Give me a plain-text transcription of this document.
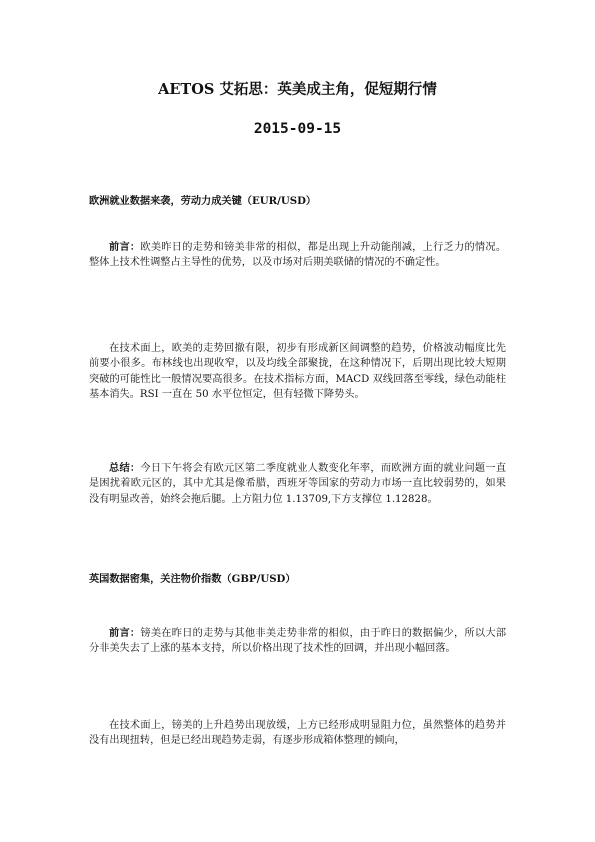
AETOS 艾拓思：英美成主角，促短期行情
2015-09-15
欧洲就业数据来袭，劳动力成关键（EUR/USD）
前言：欧美昨日的走势和镑美非常的相似，都是出现上升动能削减，上行乏力的情况。整体上技术性调整占主导性的优势，以及市场对后期美联储的情况的不确定性。
在技术面上，欧美的走势回撤有限，初步有形成新区间调整的趋势，价格波动幅度比先前要小很多。布林线也出现收窄，以及均线全部聚拢，在这种情况下，后期出现比较大短期突破的可能性比一般情况要高很多。在技术指标方面，MACD 双线回落至零线，绿色动能柱基本消失。RSI 一直在 50 水平位恒定，但有轻微下降势头。
总结：今日下午将会有欧元区第二季度就业人数变化年率，而欧洲方面的就业问题一直是困扰着欧元区的，其中尤其是像希腊，西班牙等国家的劳动力市场一直比较弱势的，如果没有明显改善，始终会拖后腿。上方阻力位 1.13709,下方支撑位 1.12828。
英国数据密集，关注物价指数（GBP/USD）
前言：镑美在昨日的走势与其他非美走势非常的相似，由于昨日的数据偏少，所以大部分非美失去了上涨的基本支持，所以价格出现了技术性的回调，并出现小幅回落。
在技术面上，镑美的上升趋势出现放缓，上方已经形成明显阻力位，虽然整体的趋势并没有出现扭转，但是已经出现趋势走弱，有逐步形成箱体整理的倾向，
